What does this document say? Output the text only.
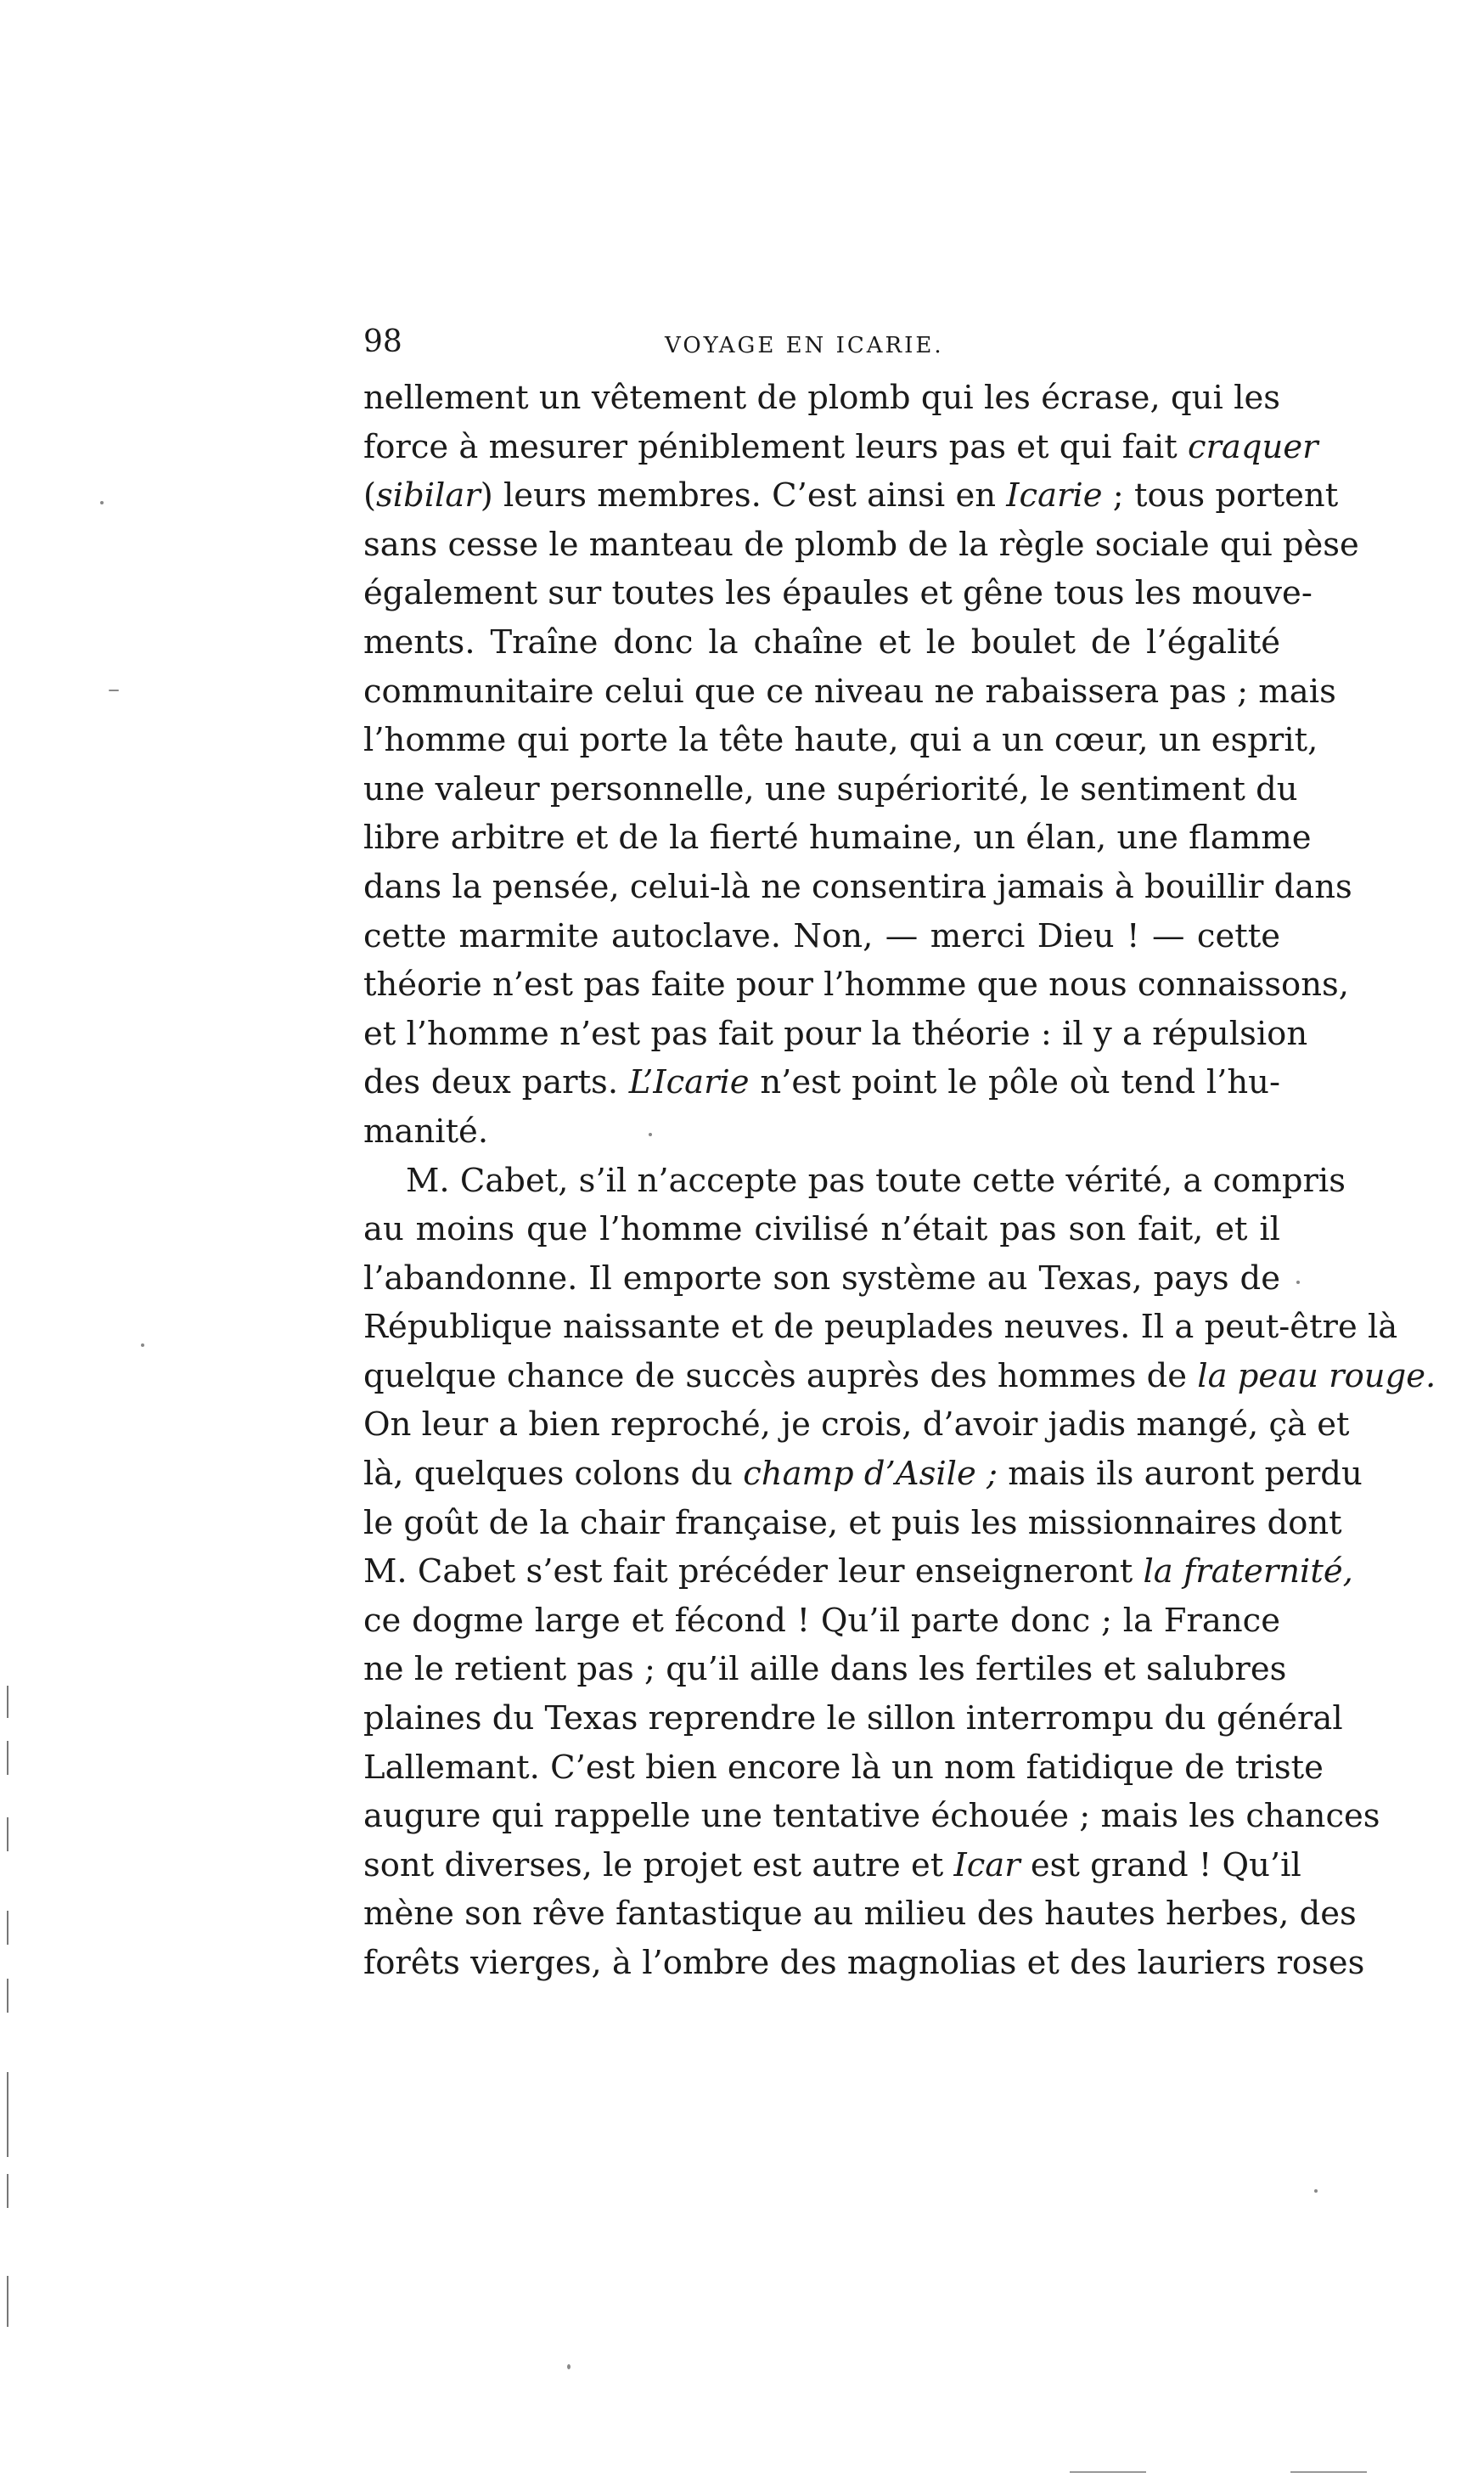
98	VOYAGE EN ICARIE.
nellement un vêtement de plomb qui les écrase, qui les
force à mesurer péniblement leurs pas et qui fait craquer
(sibilar) leurs membres. C’est ainsi en Icarie ; tous portent
sans cesse le manteau de plomb de la règle sociale qui pèse
également sur toutes les épaules et gêne tous les mouve-
ments. Traîne donc la chaîne et le boulet de l’égalité
communitaire celui que ce niveau ne rabaissera pas ; mais
l’homme qui porte la tête haute, qui a un cœur, un esprit,
une valeur personnelle, une supériorité, le sentiment du
libre arbitre et de la fierté humaine, un élan, une flamme
dans la pensée, celui-là ne consentira jamais à bouillir dans
cette marmite autoclave. Non, — merci Dieu ! — cette
théorie n’est pas faite pour l’homme que nous connaissons,
et l’homme n’est pas fait pour la théorie : il y a répulsion
des deux parts. L’Icarie n’est point le pôle où tend l’hu-
manité.
M. Cabet, s’il n’accepte pas toute cette vérité, a compris
au moins que l’homme civilisé n’était pas son fait, et il
l’abandonne. Il emporte son système au Texas, pays de
République naissante et de peuplades neuves. Il a peut-être là
quelque chance de succès auprès des hommes de la peau rouge.
On leur a bien reproché, je crois, d’avoir jadis mangé, çà et
là, quelques colons du champ d’Asile ; mais ils auront perdu
le goût de la chair française, et puis les missionnaires dont
M. Cabet s’est fait précéder leur enseigneront la fraternité,
ce dogme large et fécond ! Qu’il parte donc ; la France
ne le retient pas ; qu’il aille dans les fertiles et salubres
plaines du Texas reprendre le sillon interrompu du général
Lallemant. C’est bien encore là un nom fatidique de triste
augure qui rappelle une tentative échouée ; mais les chances
sont diverses, le projet est autre et Icar est grand ! Qu’il
mène son rêve fantastique au milieu des hautes herbes, des
forêts vierges, à l’ombre des magnolias et des lauriers roses
